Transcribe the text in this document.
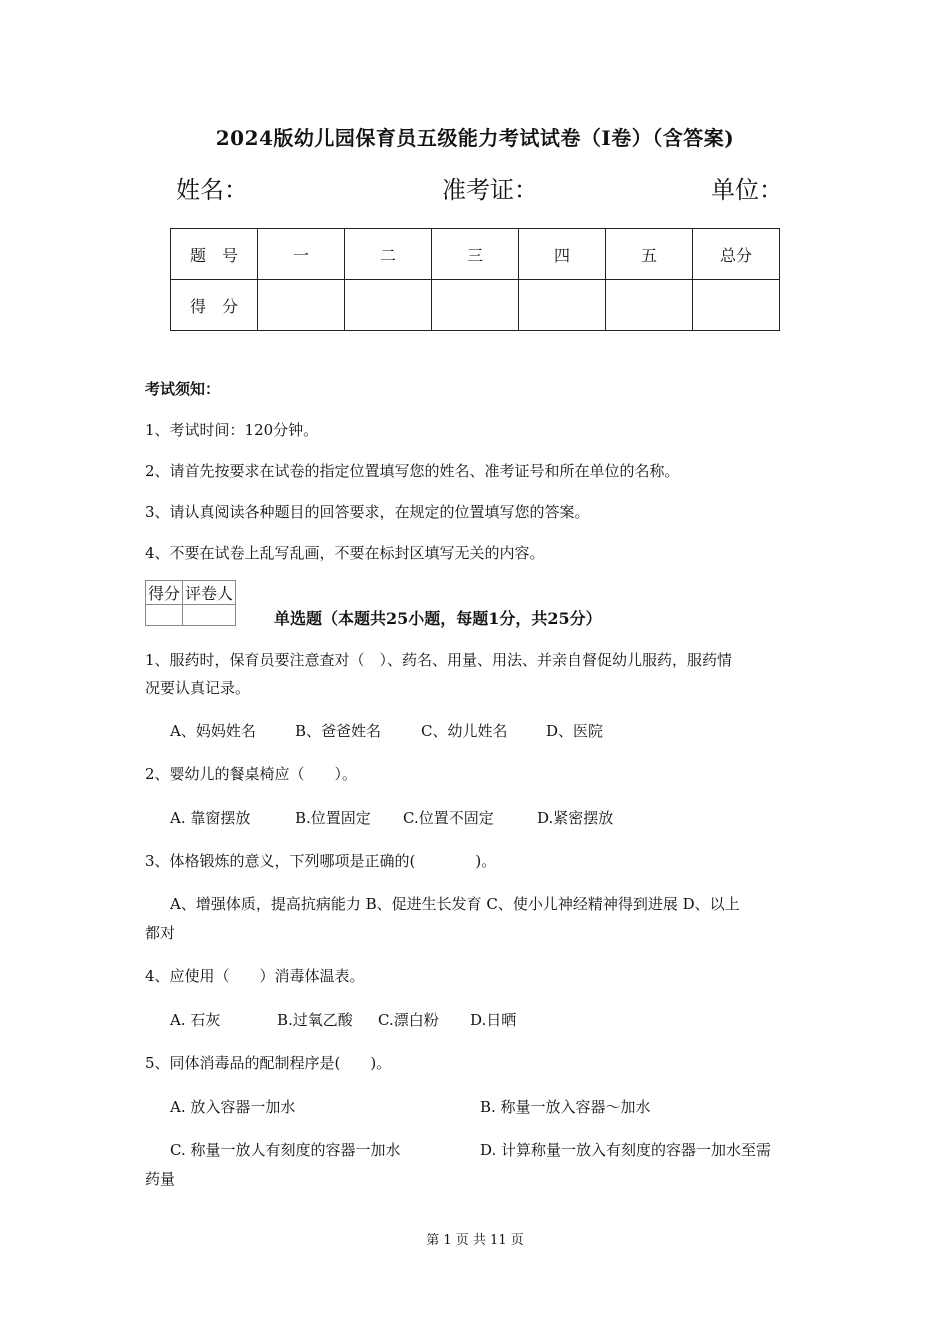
2024版幼儿园保育员五级能力考试试卷（I卷）（含答案)
姓名：	准考证：	单位：
题　号	一	二	三	四	五	总分
得　分						
考试须知：
1、考试时间：120分钟。
2、请首先按要求在试卷的指定位置填写您的姓名、准考证号和所在单位的名称。
3、请认真阅读各种题目的回答要求，在规定的位置填写您的答案。
4、不要在试卷上乱写乱画，不要在标封区填写无关的内容。
得分	评卷人

单选题（本题共25小题，每题1分，共25分）
1、服药时，保育员要注意查对（　）、药名、用量、用法、并亲自督促幼儿服药，服药情
况要认真记录。
A、妈妈姓名	B、爸爸姓名	C、幼儿姓名	D、医院
2、婴幼儿的餐桌椅应（　　）。
A. 靠窗摆放	B.位置固定 C.位置不固定	D.紧密摆放
3、体格锻炼的意义，下列哪项是正确的(　　　　)。
A、增强体质，提高抗病能力 B、促进生长发育 C、使小儿神经精神得到进展 D、以上
都对
4、应使用（　　）消毒体温表。
A. 石灰	B.过氧乙酸 C.漂白粉 D.日晒
5、同体消毒品的配制程序是(　　)。
A. 放入容器一加水	B. 称量一放入容器～加水
C. 称量一放人有刻度的容器一加水	D. 计算称量一放入有刻度的容器一加水至需
药量
第 1 页 共 11 页
